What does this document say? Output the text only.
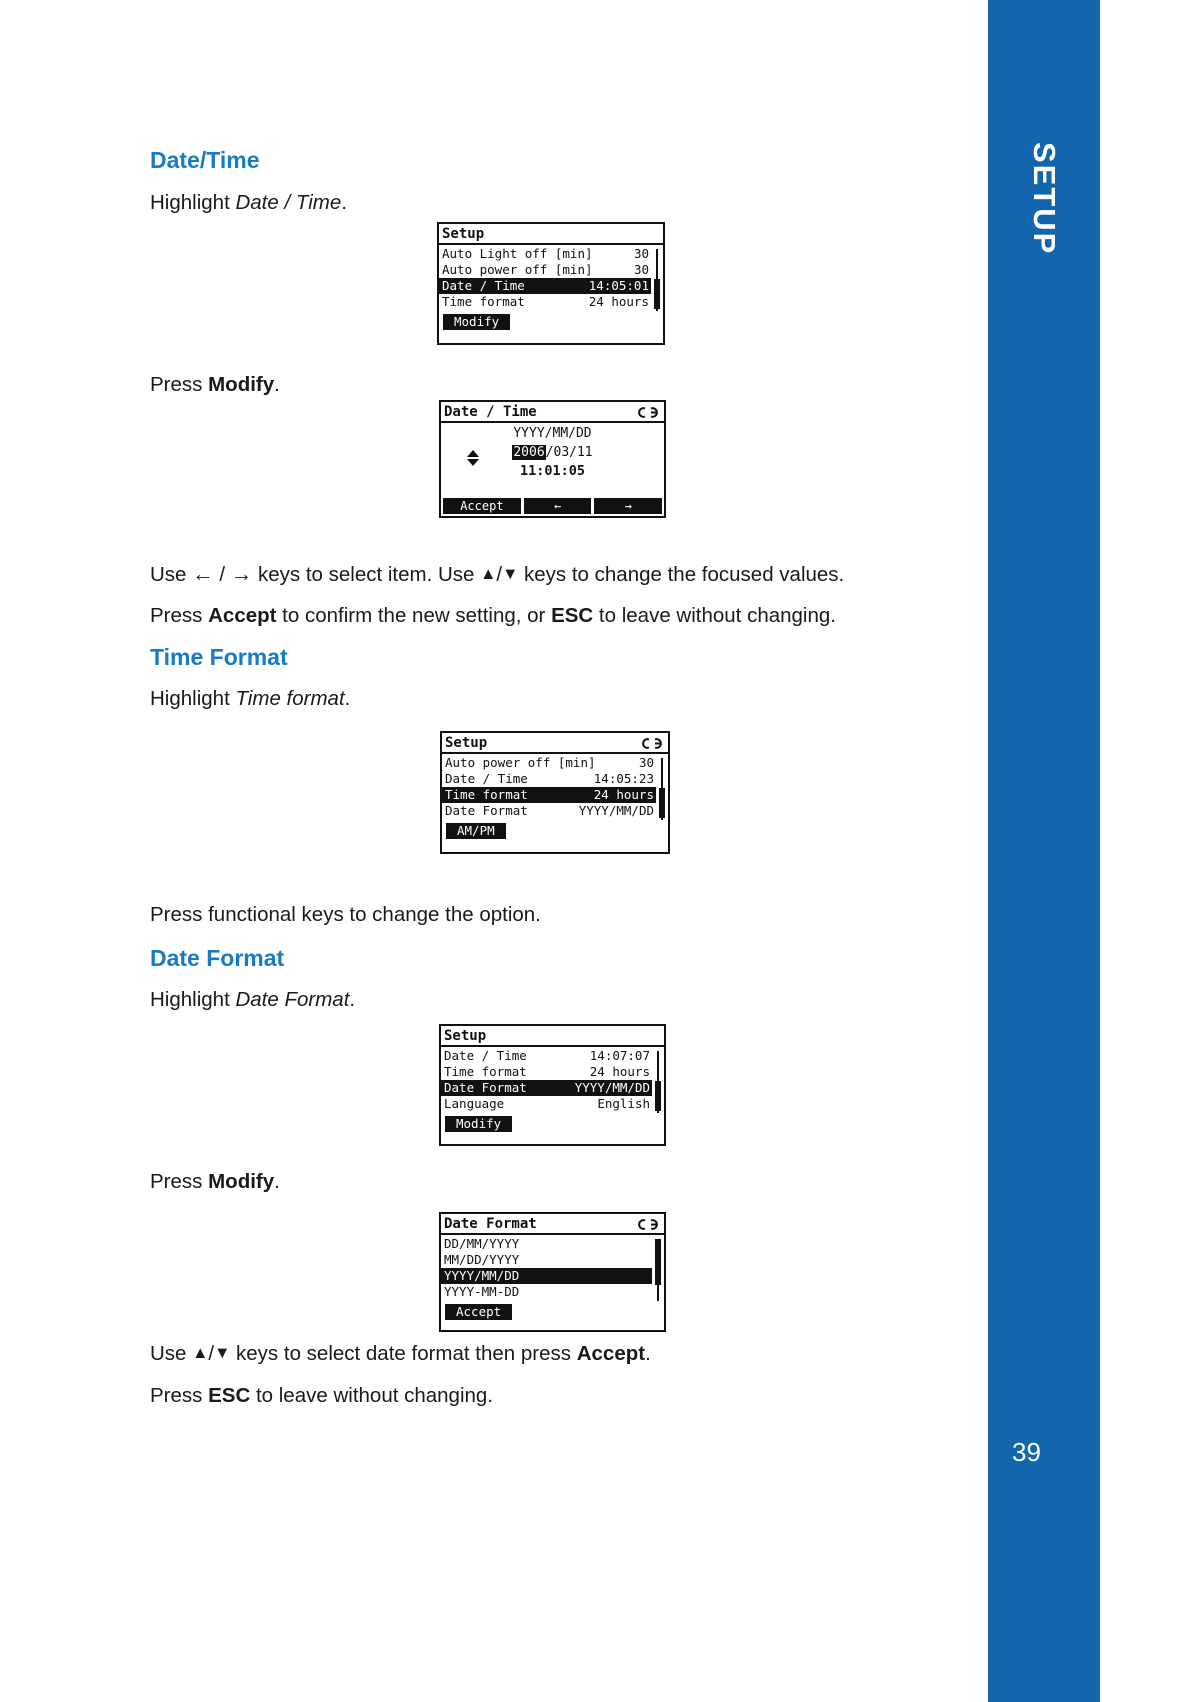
SETUP
39
Date/Time
Highlight Date / Time.
Setup
Auto Light off [min]	30
Auto power off [min]	30
Date / Time	14:05:01
Time format	24 hours
Modify
Press Modify.
Date / Time
YYYY/MM/DD
2006/03/11
11:01:05
Accept	←	→
Use ← / → keys to select item. Use ▲/▼ keys to change the focused values.
Press Accept to confirm the new setting, or ESC to leave without changing.
Time Format
Highlight Time format.
Setup
Auto power off [min]	30
Date / Time	14:05:23
Time format	24 hours
Date Format	YYYY/MM/DD
AM/PM
Press functional keys to change the option.
Date Format
Highlight Date Format.
Setup
Date / Time	14:07:07
Time format	24 hours
Date Format	YYYY/MM/DD
Language	English
Modify
Press Modify.
Date Format
DD/MM/YYYY
MM/DD/YYYY
YYYY/MM/DD
YYYY-MM-DD
Accept
Use ▲/▼ keys to select date format then press Accept.
Press ESC to leave without changing.
